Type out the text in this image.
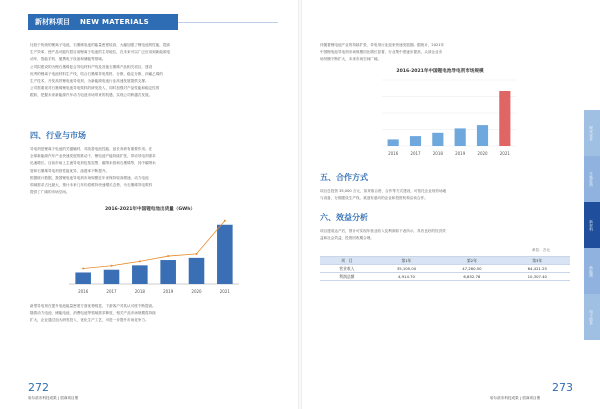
新材料项目	NEW MATERIALS
比较于传统的锂离子电池，石墨烯电池的能量密度较高，大幅加强了锂电池的性能，提高
生产效率，使产品可能代替目前锂离子电池的主导地位，在未来可以广泛应用到新能源电
动车、智能手机、便携电子设备和储能等领域。
公司拟建设的为锂石墨烯复合导电材料产线及其他石墨烯产品相关项目，建设
优秀的锂离子电池材料生产线，结合石墨烯导电浆料、分散、稳定分散、四氟乙烯的
生产技术，开发高效锂电池导电剂，为新能源电池行业高速发展提供支撑。
公司需重视对石墨烯锂电池导电浆料的研发投入，同时加强对产品性能和稳定性的
跟踪，把握未来新能源汽车动力电池市场带来的机遇，实现公司跨越式发展。
四、行业与市场
导电剂是锂离子电池的关键辅材，对改善电池性能、延长寿命有重要作用。在
全球新能源汽车产业快速发展的推动下，锂电池产能持续扩张，带动导电剂需求
迅速增长。目前市场上主流导电剂包括炭黑、碳纳米管和石墨烯等，其中碳纳米
管和石墨烯导电剂因性能优异，渗透率不断提升。
根据统计数据，我国锂电池导电剂市场规模近年来保持较高增速，动力电池
领域需求占比最大，预计未来几年仍将维持快速增长态势，为石墨烯导电浆料
提供了广阔的市场空间。
2016-2021年中国锂电池出货量（GWh）
2016	2017	2018	2019	2020	2021
新型导电剂在提升电池能量密度方面优势明显，下游客户对其认可度不断提高。
随着动力电池、储能电池、消费电池等领域需求释放，相关产品市场规模将持续
扩大，企业通过加大研发投入、优化生产工艺，可进一步提升市场竞争力。
272
哈尔滨市科技成果 | 招商项目册
伴随着锂电池产业的持续扩张，导电剂行业迎来快速发展期。据统计，2021年
中国锂电池导电剂市场规模同比增长显著，行业集中度逐步提高，头部企业市
场份额不断扩大，未来市场空间广阔。
2016-2021年中国锂电池导电剂市场规模
2016	2017	2018	2019	2020	2021
五、合作方式
项目总投资 35,000 万元，拟采取合资、合作等方式建设，可依托企业现有场地
与设备，分期建设生产线，欢迎有意向的企业和投资机构洽谈合作。
六、效益分析
项目建成达产后，预计可实现年营业收入及利润如下表所示，具有良好的经济效
益和社会效益，投资回收期合理。
单位：万元
项　目	第1年	第2年	第3年
营业收入	35,105.00	47,260.50	64,421.25
利润总额	4,914.70	6,852.78	10,307.40
273
哈尔滨市科技成果 | 招商项目册
现代农业
生物医药
新材料
新能源
电子信息
